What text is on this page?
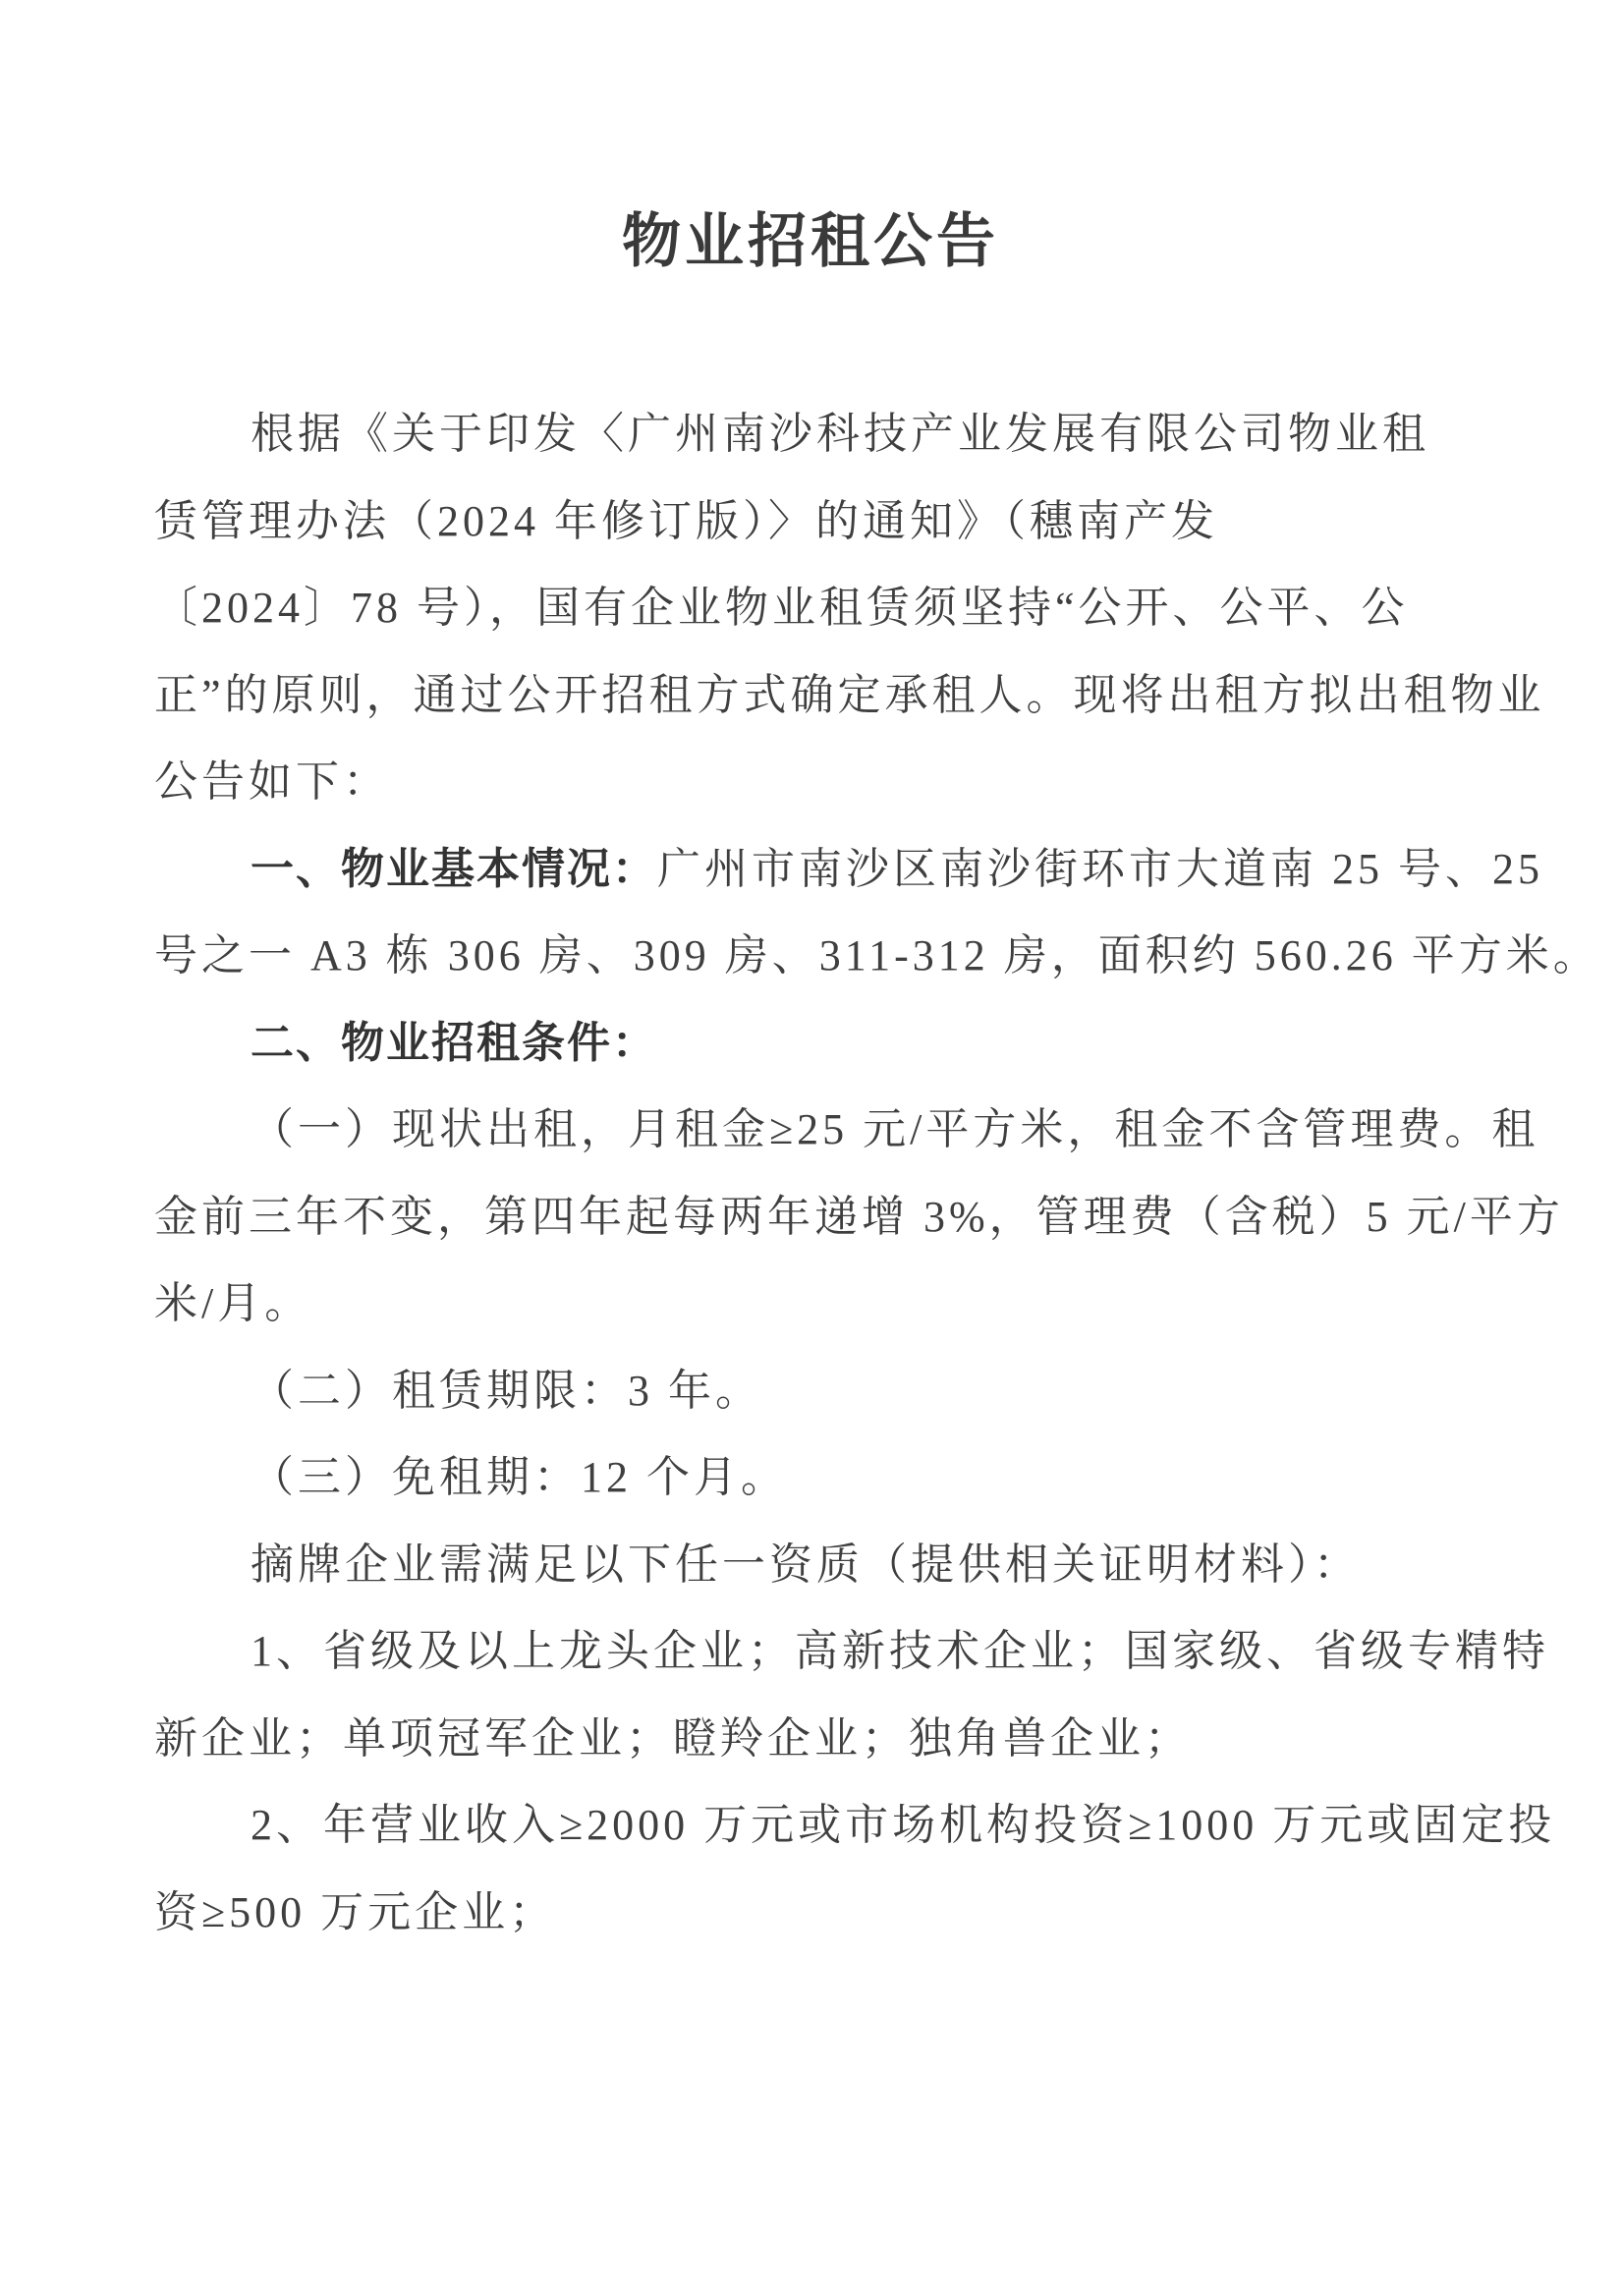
物业招租公告
根据《关于印发〈广州南沙科技产业发展有限公司物业租
赁管理办法（2024 年修订版）〉的通知》（穗南产发
〔2024〕78 号），国有企业物业租赁须坚持“公开、公平、公
正”的原则，通过公开招租方式确定承租人。现将出租方拟出租物业
公告如下：
一、物业基本情况：广州市南沙区南沙街环市大道南 25 号、25
号之一 A3 栋 306 房、309 房、311-312 房，面积约 560.26 平方米。
二、物业招租条件：
（一）现状出租，月租金≥25 元/平方米，租金不含管理费。租
金前三年不变，第四年起每两年递增 3%，管理费（含税）5 元/平方
米/月。
（二）租赁期限：3 年。
（三）免租期：12 个月。
摘牌企业需满足以下任一资质（提供相关证明材料）：
1、省级及以上龙头企业；高新技术企业；国家级、省级专精特
新企业；单项冠军企业；瞪羚企业；独角兽企业；
2、年营业收入≥2000 万元或市场机构投资≥1000 万元或固定投
资≥500 万元企业；
